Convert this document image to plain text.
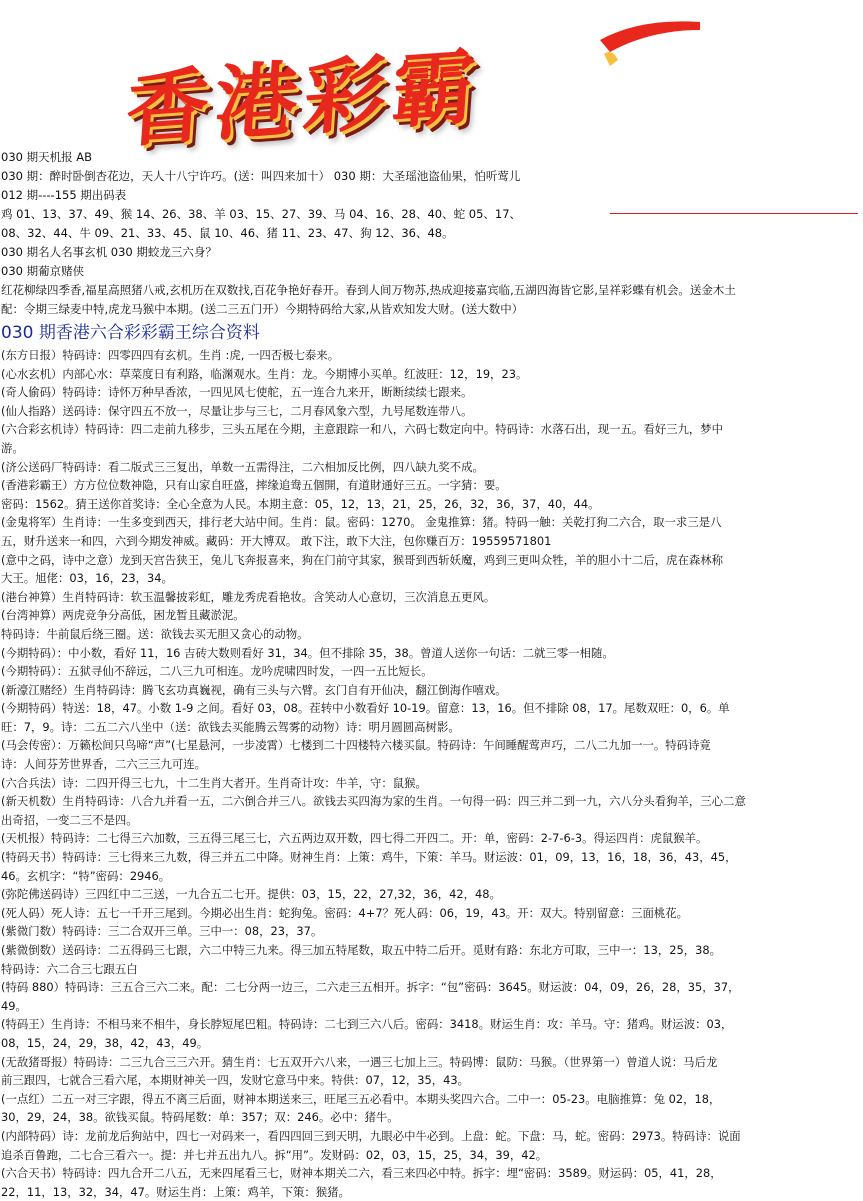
香港彩霸
030 期天机报 AB
030 期：醉时卧倒杏花边，天人十八宁许巧。(送：叫四来加十） 030 期：大圣瑶池盗仙果，怕听莺儿
012 期----155 期出码表
鸡 01、13、37、49、猴 14、26、38、羊 03、15、27、39、马 04、16、28、40、蛇 05、17、
08、32、44、牛 09、21、33、45、鼠 10、46、猪 11、23、47、狗 12、36、48。
030 期名人名事玄机 030 期蛟龙三六身？
030 期葡京赌侠
红花柳绿四季香,福星高照猪八戒,玄机历在双数找,百花争艳好春开。春到人间万物苏,热成迎接嘉宾临,五湖四海皆它影,呈祥彩蝶有机会。送金木土
配：令期三绿麦中特,虎龙马猴中本期。(送二三五门开）今期特码给大家,从皆欢知发大财。(送大数中）
030 期香港六合彩彩霸王综合资料
(东方日报）特码诗：四零四四有玄机。生肖 :虎, 一四否极七泰来。
(心水玄机）内部心水：草菜度日有利路，临渊观水。生肖：龙。今期博小买单。红波旺：12，19，23。
(奇人偷码）特码诗：诗怀万种早香浓，一四见风七使舵，五一连合九来开，断断续续七跟来。
(仙人指路）送码诗：保守四五不放一，尽量让步与三七，二月春风象六型，九号尾数连带八。
(六合彩玄机诗）特码诗：四二走前九移步，三头五尾在今期，主意跟踪一和八，六码七数定向中。特码诗：水落石出，现一五。看好三九，梦中
游。
(济公送码厂特码诗：看二版式三三复出，单数一五需得注，二六相加反比例，四八缺九奖不成。
(香港彩霸王）方方位位数神隐，只有山家自旺盛，摔缘追鸯五個開，有道財通好三五。一字猜：要。
密码：1562。猜王送你首奖诗：全心全意为人民。本期主意：05，12，13，21，25，26，32，36，37，40，44。
(金鬼将军）生肖诗：一生多变到西天，排行老大站中间。生肖：鼠。密码：1270。 金鬼推算：猪。特码一触：关乾打狗二六合，取一求三是八
五，财升送来一和四，六到今期发神威。藏码：开大博双。 敢下注，敢下大注，包你赚百万：19559571801
(意中之码，诗中之意）龙到天宫告狭王，兔儿飞奔报喜来，狗在门前守其家，猴哥到西斩妖魔，鸡到三更叫众牲，羊的胆小十二后，虎在森林称
大王。旭佬：03，16，23，34。
(港台神算）生肖特码诗：软玉温馨披彩虹，雕龙秀虎看艳妆。含笑动人心意切，三次消息五更风。
(台湾神算）两虎竞争分高低，困龙暂且藏淤泥。
特码诗：牛前鼠后绕三圈。送：欲钱去买无胆又贪心的动物。
(今期特码）：中小数，看好 11，16 吉砖大数则看好 31，34。但不排除 35，38。曾道人送你一句话：二就三零一相随。
(今期特码）：五狱寻仙不辞远，二八三九可相连。龙吟虎啸四时发，一四一五比短长。
(新濠江赌经）生肖特码诗：腾飞玄功真巍视，确有三头与六臂。玄门自有开仙决，翻江倒海作嘻戏。
(今期特码）特送：18，47。小数 1-9 之间。看好 03，08。茬转中小数看好 10-19。留意：13，16。但不排除 08，17。尾数双旺：0，6。单
旺：7，9。诗：二五二六八坐中（送：欲钱去买能腾云驾雾的动物）诗：明月圆圆高树影。
(马会传密）：万籁松间只鸟啼“声”(七星悬河，一步凌霄）七楼到二十四楼特六楼买鼠。特码诗：午间睡醒莺声巧，二八二九加一一。特码诗竟
诗：人间芬芳世界香，二六三三九可连。
(六合兵法）诗：二四开得三七九，十二生肖大者开。生肖奇计攻：牛羊，守：鼠猴。
(新天机数）生肖特码诗：八合九并看一五，二六倒合并三八。欲钱去买四海为家的生肖。一句得一码：四三并二到一九，六八分头看狗羊，三心二意
出奇招，一变二三不是四。
(天机报）特码诗：二七得三六加数，三五得三尾三七，六五两边双开数，四七得二开四二。开：单，密码：2-7-6-3。得运四肖：虎鼠猴羊。
(特码天书）特码诗：三七得来三九数，得三并五二中降。财神生肖：上策：鸡牛，下策：羊马。财运波：01，09，13，16，18，36，43，45，
46。玄机字：“特”密码：2946。
(弥陀佛送码诗）三四红中二三送，一九合五二七开。提供：03，15，22，27,32，36，42，48。
(死人码）死人诗：五七一千开三尾到。今期必出生肖：蛇狗兔。密码：4+7？死人码：06，19，43。开：双大。特别留意：三面桃花。
(紫微门数）特码诗：三二合双开三单。三中一：08，23，37。
(紫微倒数）送码诗：二五得码三七跟，六二中特三九来。得三加五特尾数，取五中特二后开。觅财有路：东北方可取，三中一：13，25，38。
特码诗：六二合三七跟五白
(特码 880）特码诗：三五合三六二来。配：二七分两一边三，二六走三五相开。拆字：“包”密码：3645。财运波：04，09，26，28，35，37，
49。
(特码王）生肖诗：不相马来不相牛，身长脖短尾巴粗。特码诗：二七到三六八后。密码：3418。财运生肖：攻：羊马。守：猪鸡。财运波：03，
08，15，24，29，38，42，43，49。
(无敌猪哥报）特码诗：二三九合三三六开。猜生肖：七五双开六八来，一遇三七加上三。特码博：鼠防：马猴。（世界第一）曾道人说：马后龙
前三跟四，七就合三看六尾，本期财神关一四，发财它意马中来。特供：07，12，35，43。
(一点红）二五一对三字跟，得五不离三后面，财神本期送来三，旺尾三五必看中。本期头奖四六合。二中一：05-23。电脑推算：兔 02，18，
30，29，24，38。欲钱买鼠。特码尾数：单：357；双：246。必中：猪牛。
(内部特码）诗：龙前龙后狗站中，四七一对码来一，看四四回三到天明，九眼必中牛必到。上盘：蛇。下盘：马，蛇。密码：2973。特码诗：说面
追杀百鲁跑，二七合三看六一。提：并七并五出九八。拆“用”。发财码：02，03，15，25，34，39，42。
(六合天书）特码诗：四九合开二八五，无来四尾看三七，财神本期关二六，看三来四必中特。拆字：埋“密码：3589。财运码：05，41，28，
22，11，13，32，34，47。财运生肖：上策：鸡羊，下策：猴猪。
